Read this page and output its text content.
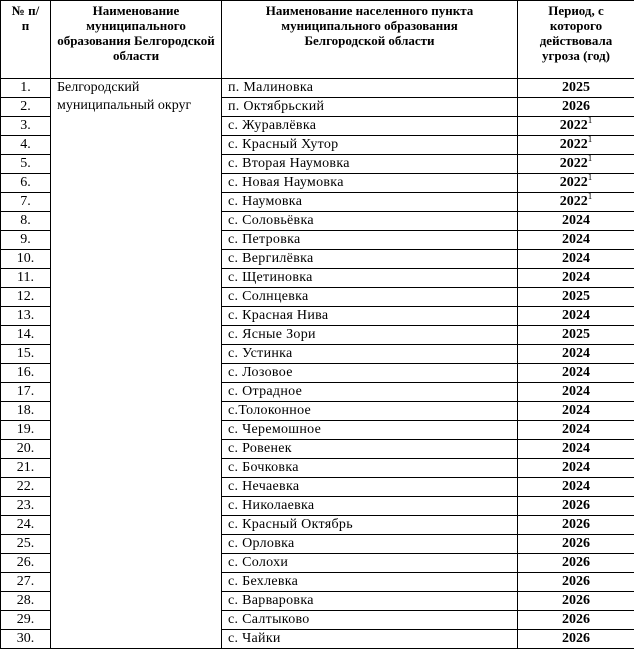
№ п/п	Наименование муниципального образования Белгородской области	Наименование населенного пункта муниципального образования Белгородской области	Период, с которого действовала угроза (год)
1.	Белгородский муниципальный округ	п. Малиновка	2025
2.		п. Октябрьский	2026
3.		с. Журавлёвка	2022$^1$
4.		с. Красный Хутор	2022$^1$
5.		с. Вторая Наумовка	2022$^1$
6.		с. Новая Наумовка	2022$^1$
7.		с. Наумовка	2022$^1$
8.		с. Соловьёвка	2024
9.		с. Петровка	2024
10.		с. Вергилёвка	2024
11.		с. Щетиновка	2024
12.		с. Солнцевка	2025
13.		с. Красная Нива	2024
14.		с. Ясные Зори	2025
15.		с. Устинка	2024
16.		с. Лозовое	2024
17.		с. Отрадное	2024
18.		с.Толоконное	2024
19.		с. Черемошное	2024
20.		с. Ровенек	2024
21.		с. Бочковка	2024
22.		с. Нечаевка	2024
23.		с. Николаевка	2026
24.		с. Красный Октябрь	2026
25.		с. Орловка	2026
26.		с. Солохи	2026
27.		с. Бехлевка	2026
28.		с. Варваровка	2026
29.		с. Салтыково	2026
30.		с. Чайки	2026
